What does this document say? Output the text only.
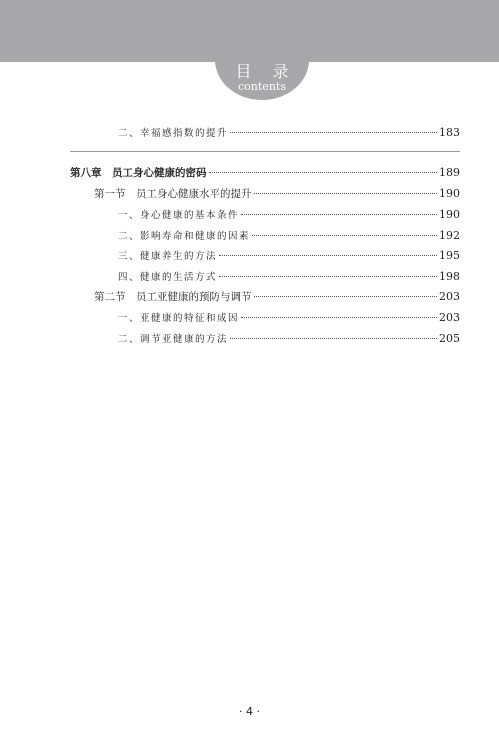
目 录
contents
二、幸福感指数的提升	183
第八章　员工身心健康的密码	189
第一节　员工身心健康水平的提升	190
一、身心健康的基本条件	190
二、影响寿命和健康的因素	192
三、健康养生的方法	195
四、健康的生活方式	198
第二节　员工亚健康的预防与调节	203
一、亚健康的特征和成因	203
二、调节亚健康的方法	205
· 4 ·
